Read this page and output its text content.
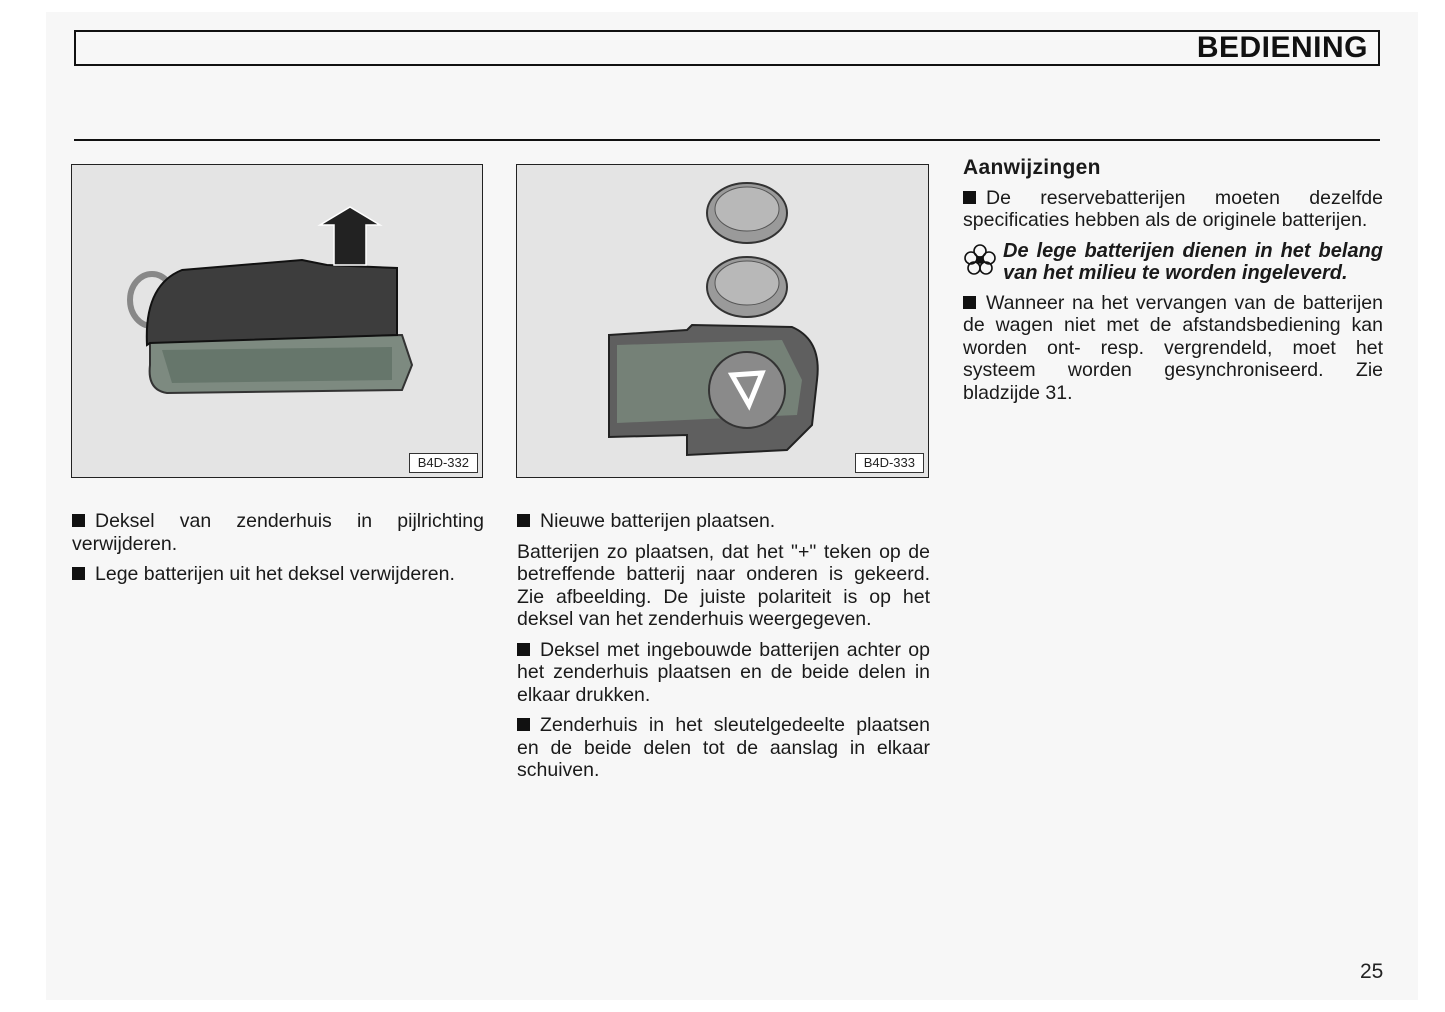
BEDIENING
B4D-332	B4D-333

Deksel van zenderhuis in pijlrichting verwijderen.

Lege batterijen uit het deksel verwijderen.

Nieuwe batterijen plaatsen.

Batterijen zo plaatsen, dat het "+" teken op de betreffende batterij naar onderen is gekeerd. Zie afbeelding. De juiste polariteit is op het deksel van het zenderhuis weergegeven.

Deksel met ingebouwde batterijen achter op het zenderhuis plaatsen en de beide delen in elkaar drukken.

Zenderhuis in het sleutelgedeelte plaatsen en de beide delen tot de aanslag in elkaar schuiven.

Aanwijzingen

De reservebatterijen moeten dezelfde specificaties hebben als de originele batterijen.

De lege batterijen dienen in het belang van het milieu te worden ingeleverd.

Wanneer na het vervangen van de batterijen de wagen niet met de afstandsbediening kan worden ont- resp. vergrendeld, moet het systeem worden gesynchroniseerd. Zie bladzijde 31.

25
